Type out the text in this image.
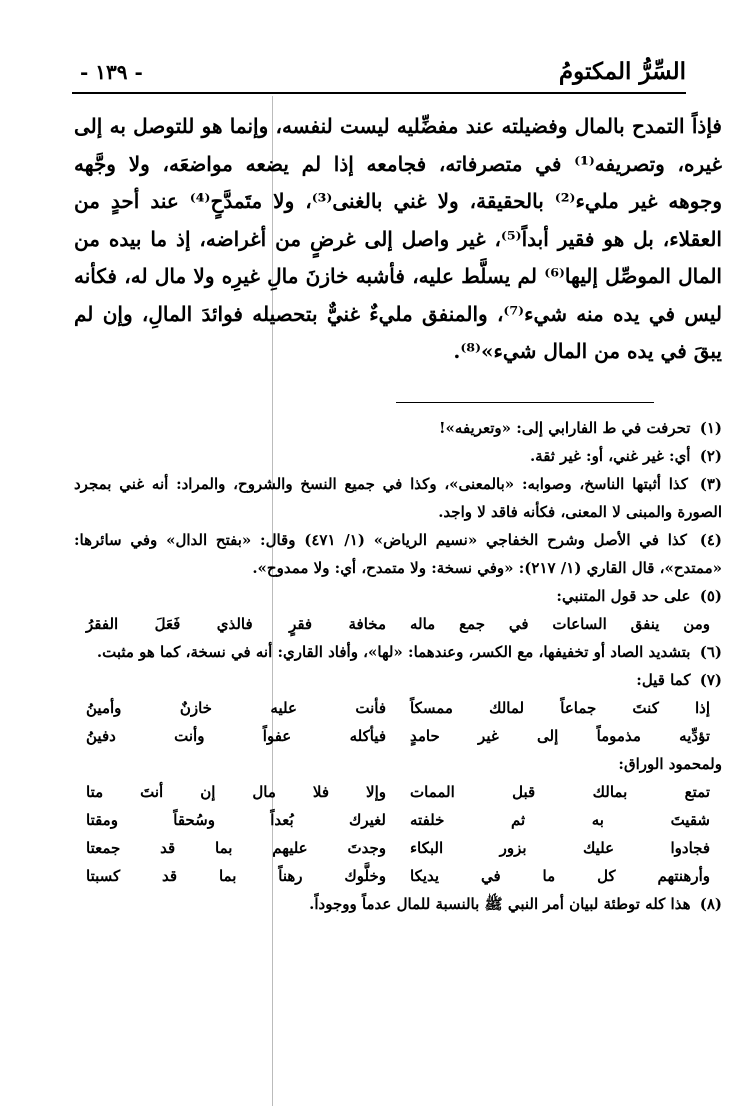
السِّرُّ المكتومُ
- ١٣٩ -
فإذاً التمدح بالمال وفضيلته عند مفضِّليه ليست لنفسه، وإنما هو للتوصل به إلى غيره، وتصريفه⁽¹⁾ في متصرفاته، فجامعه إذا لم يضعه مواضعَه، ولا وجَّهه وجوهه غير مليء⁽²⁾ بالحقيقة، ولا غني بالغنى⁽³⁾، ولا متَمدَّحٍ⁽⁴⁾ عند أحدٍ من العقلاء، بل هو فقير أبداً⁽⁵⁾، غير واصل إلى غرضٍ من أغراضه، إذ ما بيده من المال الموصِّل إليها⁽⁶⁾ لم يسلَّط عليه، فأشبه خازنَ مالِ غيرِه ولا مال له، فكأنه ليس في يده منه شيء⁽⁷⁾، والمنفق مليءٌ غنيٌّ بتحصيله فوائدَ المالِ، وإن لم يبقَ في يده من المال شيء»⁽⁸⁾.
(١) تحرفت في ط الفارابي إلى: «وتعريفه»!
(٢) أي: غير غني، أو: غير ثقة.
(٣) كذا أثبتها الناسخ، وصوابه: «بالمعنى»، وكذا في جميع النسخ والشروح، والمراد: أنه غني بمجرد الصورة والمبنى لا المعنى، فكأنه فاقد لا واجد.
(٤) كذا في الأصل وشرح الخفاجي «نسيم الرياض» (١/ ٤٧١) وقال: «بفتح الدال» وفي سائرها: «ممتدح»، قال القاري (١/ ٢١٧): «وفي نسخة: ولا متمدح، أي: ولا ممدوح».
(٥) على حد قول المتنبي:
ومن ينفق الساعات في جمع ماله
مخافة فقرٍ فالذي فَعَلَ الفقرُ
(٦) بتشديد الصاد أو تخفيفها، مع الكسر، وعندهما: «لها»، وأفاد القاري: أنه في نسخة، كما هو مثبت.
(٧) كما قيل:
إذا كنتَ جماعاً لمالك ممسكاً
فأنت عليه خازنٌ وأمينُ
تؤدِّيه مذموماً إلى غير حامدٍ
فيأكله عفواً وأنت دفينُ
ولمحمود الوراق:
تمتع بمالك قبل الممات
وإلا فلا مال إن أنتَ متا
شقيتَ به ثم خلفته
لغيرك بُعداً وسُحقاً ومقتا
فجادوا عليك بزور البكاء
وجدتَ عليهم بما قد جمعتا
وأرهنتهم كل ما في يديكا
وخلَّوك رهناً بما قد كسبتا
(٨) هذا كله توطئة لبيان أمر النبي ﷺ بالنسبة للمال عدماً ووجوداً.
